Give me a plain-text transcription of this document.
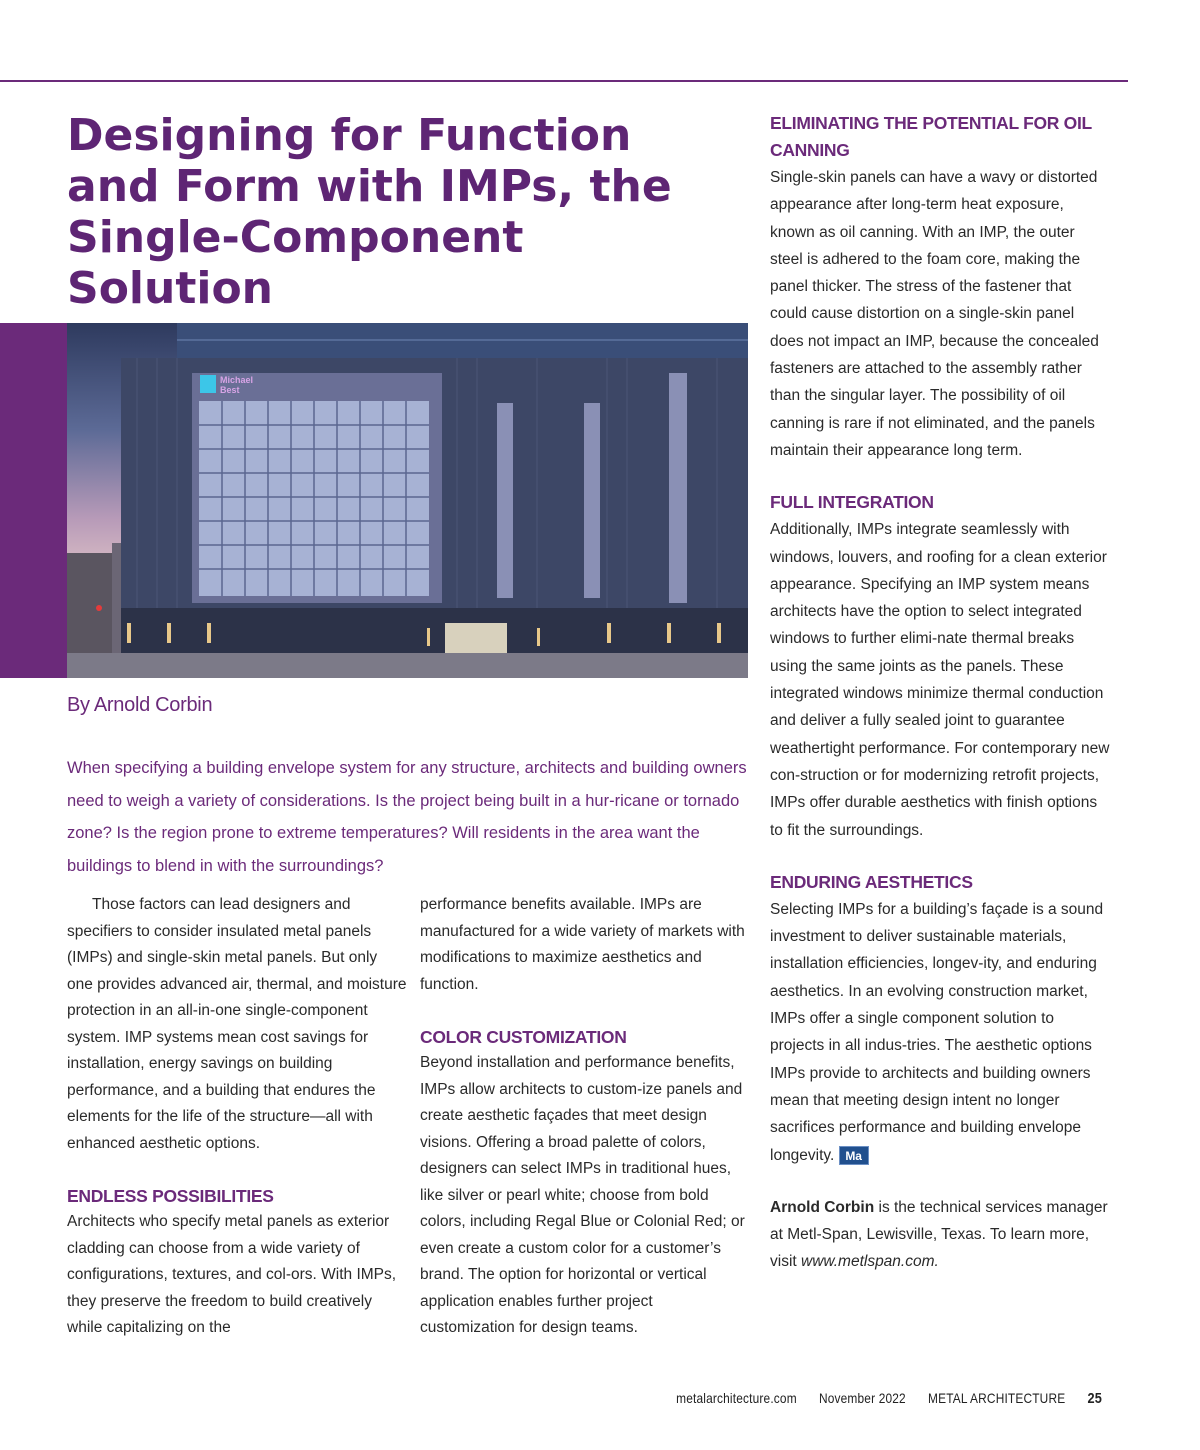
Designing for Function and Form with IMPs, the Single-Component Solution
Michael
Best
By Arnold Corbin

When specifying a building envelope system for any structure, architects and building owners need to weigh a variety of considerations. Is the project being built in a hur-ricane or tornado zone? Is the region prone to extreme temperatures? Will residents in the area want the buildings to blend in with the surroundings?

Those factors can lead designers and specifiers to consider insulated metal panels (IMPs) and single-skin metal panels. But only one provides advanced air, thermal, and moisture protection in an all-in-one single-component system. IMP systems mean cost savings for installation, energy savings on building performance, and a building that endures the elements for the life of the structure—all with enhanced aesthetic options.

ENDLESS POSSIBILITIES

Architects who specify metal panels as exterior cladding can choose from a wide variety of configurations, textures, and col-ors. With IMPs, they preserve the freedom to build creatively while capitalizing on the

performance benefits available. IMPs are manufactured for a wide variety of markets with modifications to maximize aesthetics and function.

COLOR CUSTOMIZATION

Beyond installation and performance benefits, IMPs allow architects to custom-ize panels and create aesthetic façades that meet design visions. Offering a broad palette of colors, designers can select IMPs in traditional hues, like silver or pearl white; choose from bold colors, including Regal Blue or Colonial Red; or even create a custom color for a customer’s brand. The option for horizontal or vertical application enables further project customization for design teams.

ELIMINATING THE POTENTIAL FOR OIL CANNING

Single-skin panels can have a wavy or distorted appearance after long-term heat exposure, known as oil canning. With an IMP, the outer steel is adhered to the foam core, making the panel thicker. The stress of the fastener that could cause distortion on a single-skin panel does not impact an IMP, because the concealed fasteners are attached to the assembly rather than the singular layer. The possibility of oil canning is rare if not eliminated, and the panels maintain their appearance long term.

FULL INTEGRATION

Additionally, IMPs integrate seamlessly with windows, louvers, and roofing for a clean exterior appearance. Specifying an IMP system means architects have the option to select integrated windows to further elimi-nate thermal breaks using the same joints as the panels. These integrated windows minimize thermal conduction and deliver a fully sealed joint to guarantee weathertight performance. For contemporary new con-struction or for modernizing retrofit projects, IMPs offer durable aesthetics with finish options to fit the surroundings.

ENDURING AESTHETICS

Selecting IMPs for a building’s façade is a sound investment to deliver sustainable materials, installation efficiencies, longev-ity, and enduring aesthetics. In an evolving construction market, IMPs offer a single component solution to projects in all indus-tries. The aesthetic options IMPs provide to architects and building owners mean that meeting design intent no longer sacrifices performance and building envelope longevity. Ma

Arnold Corbin is the technical services manager at Metl-Span, Lewisville, Texas. To learn more, visit www.metlspan.com.

metalarchitecture.com November 2022 METAL ARCHITECTURE 25
